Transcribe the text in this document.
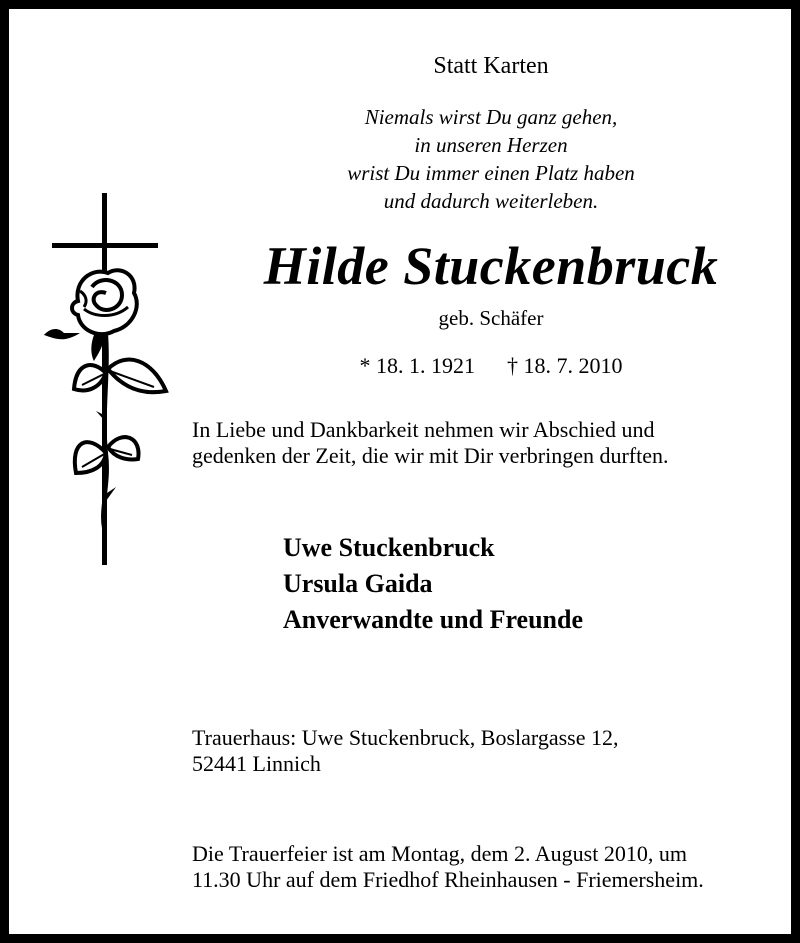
Statt Karten
Niemals wirst Du ganz gehen,
in unseren Herzen
wrist Du immer einen Platz haben
und dadurch weiterleben.
Hilde Stuckenbruck
geb. Schäfer
* 18. 1. 1921 † 18. 7. 2010
In Liebe und Dankbarkeit nehmen wir Abschied und
gedenken der Zeit, die wir mit Dir verbringen durften.
Uwe Stuckenbruck
Ursula Gaida
Anverwandte und Freunde
Trauerhaus: Uwe Stuckenbruck, Boslargasse 12,
52441 Linnich
Die Trauerfeier ist am Montag, dem 2. August 2010, um
11.30 Uhr auf dem Friedhof Rheinhausen - Friemersheim.
